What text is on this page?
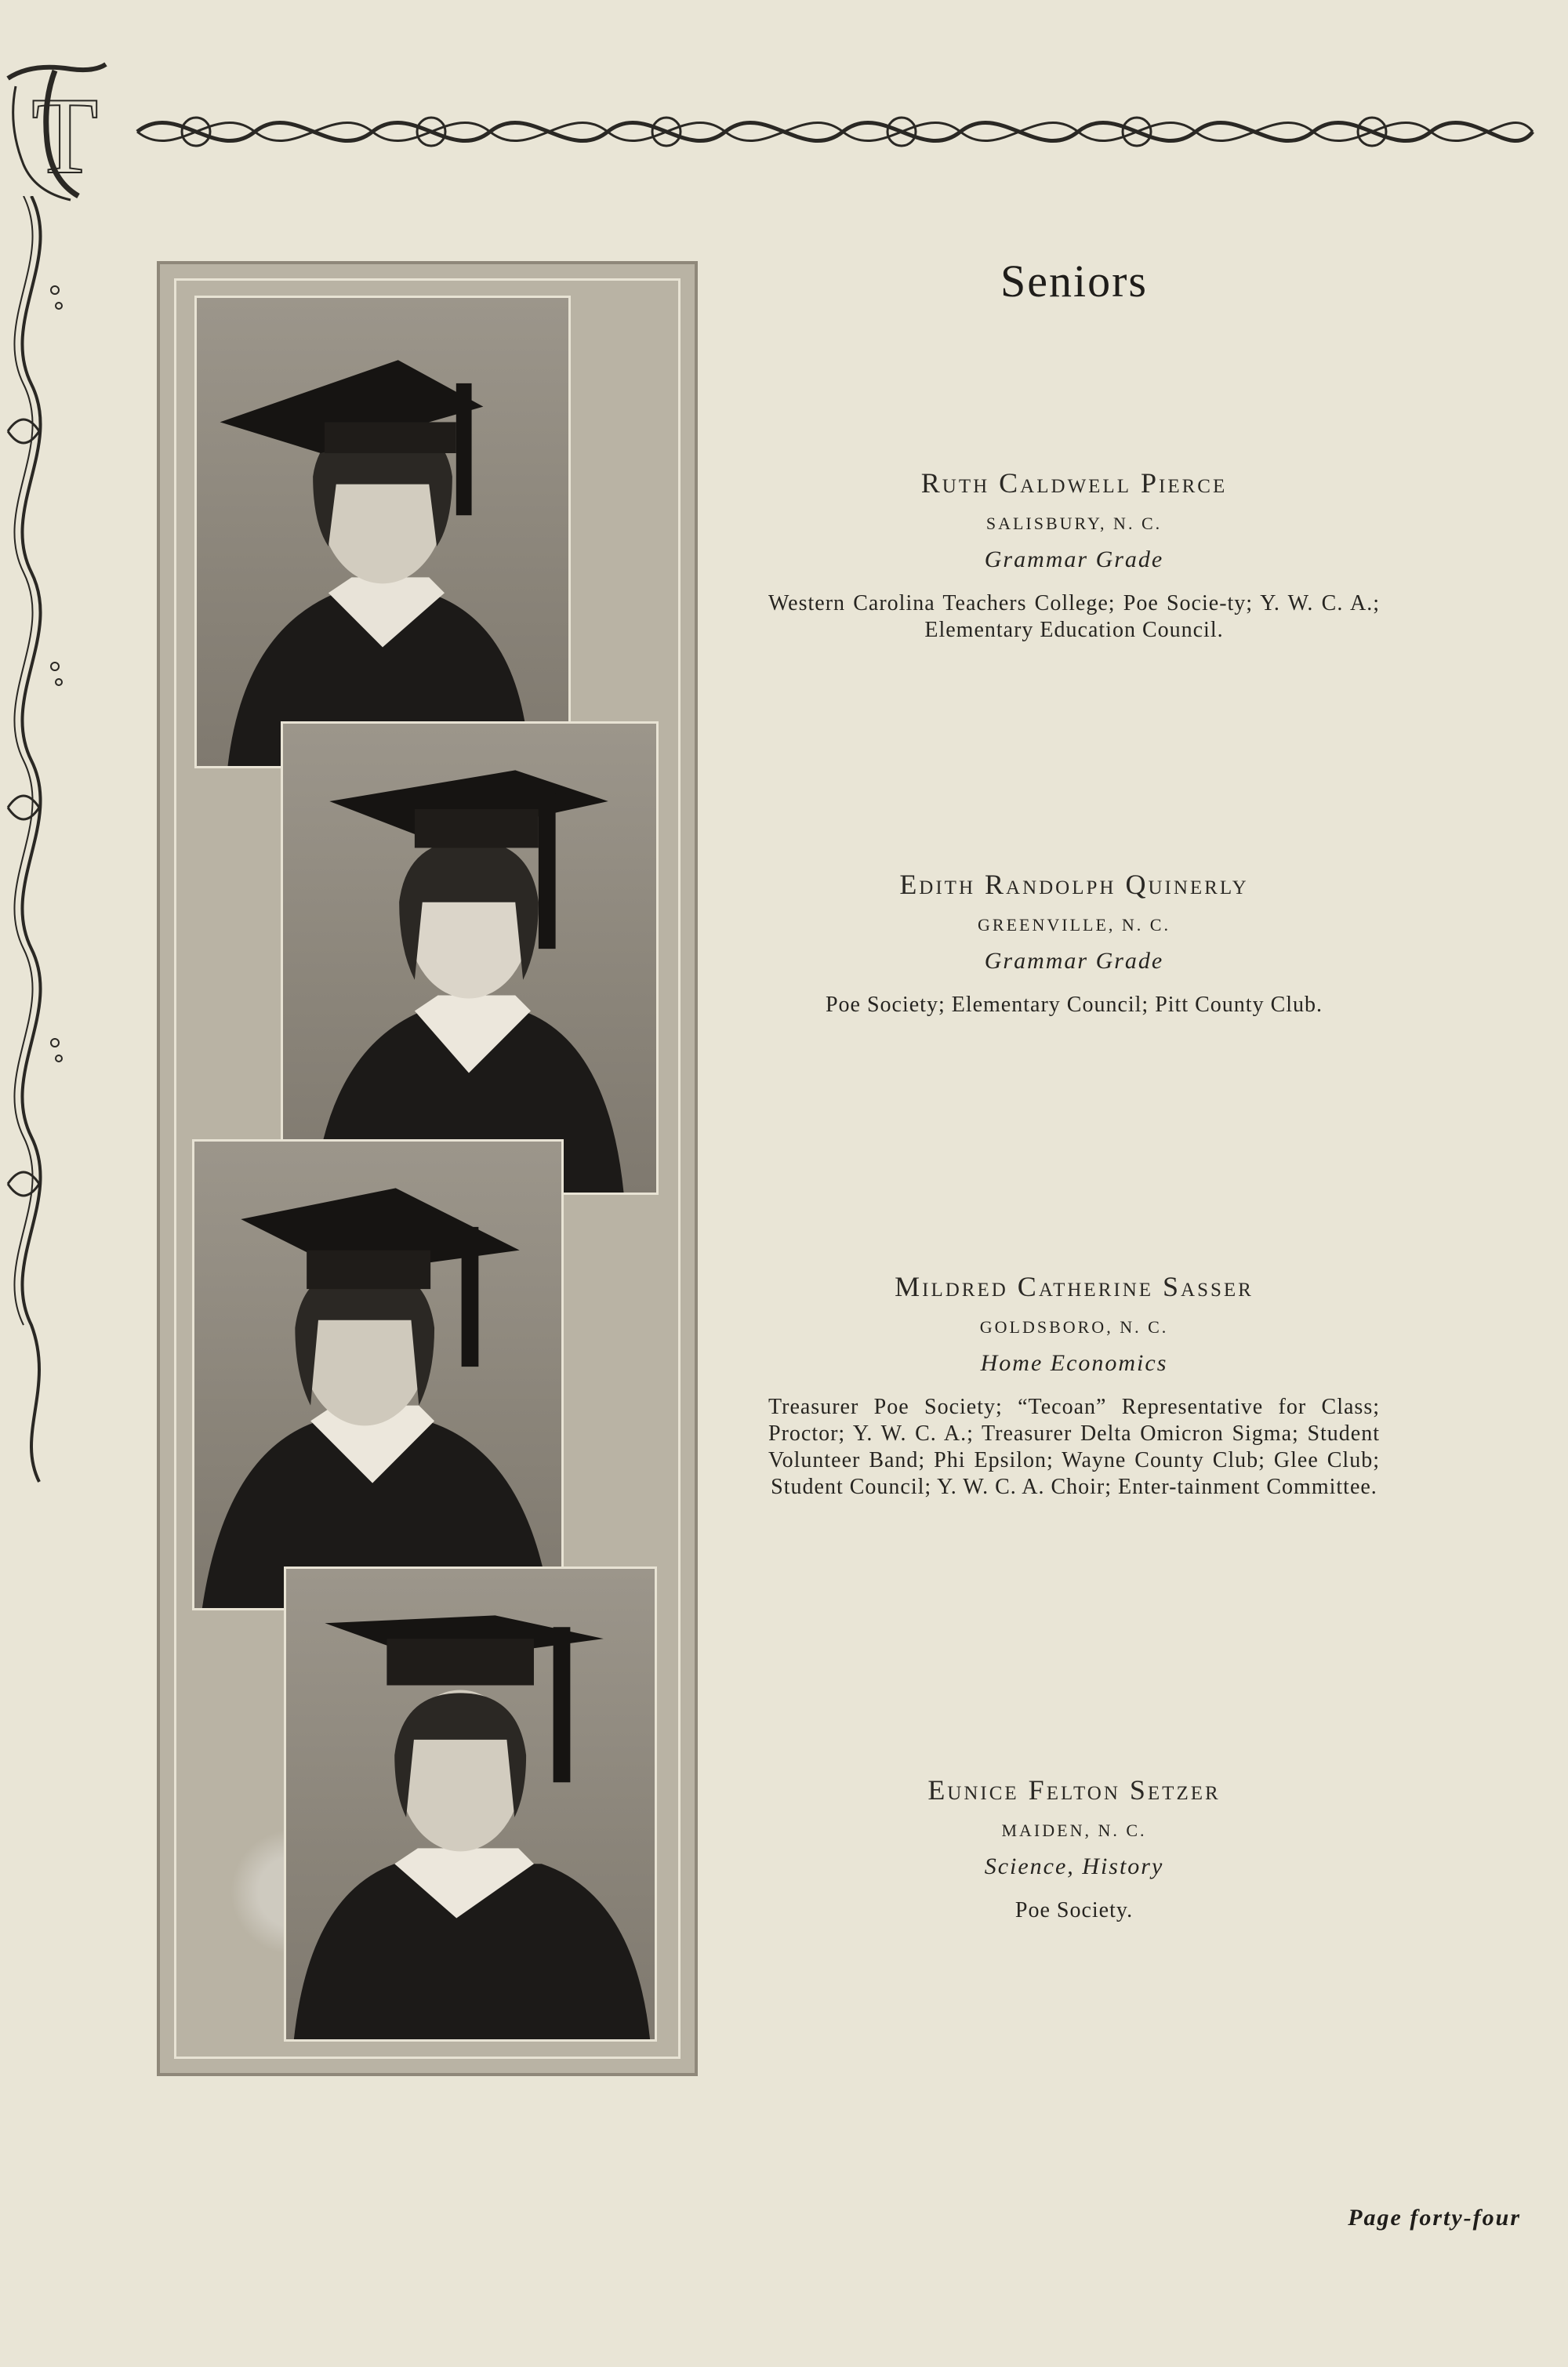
T
Seniors
Ruth Caldwell Pierce
SALISBURY, N. C.
Grammar Grade
Western Carolina Teachers College; Poe Socie-ty; Y. W. C. A.; Elementary Education Council.
Edith Randolph Quinerly
GREENVILLE, N. C.
Grammar Grade
Poe Society; Elementary Council; Pitt County Club.
Mildred Catherine Sasser
GOLDSBORO, N. C.
Home Economics
Treasurer Poe Society; “Tecoan” Representative for Class; Proctor; Y. W. C. A.; Treasurer Delta Omicron Sigma; Student Volunteer Band; Phi Epsilon; Wayne County Club; Glee Club; Student Council; Y. W. C. A. Choir; Enter-tainment Committee.
Eunice Felton Setzer
MAIDEN, N. C.
Science, History
Poe Society.
Page forty-four
